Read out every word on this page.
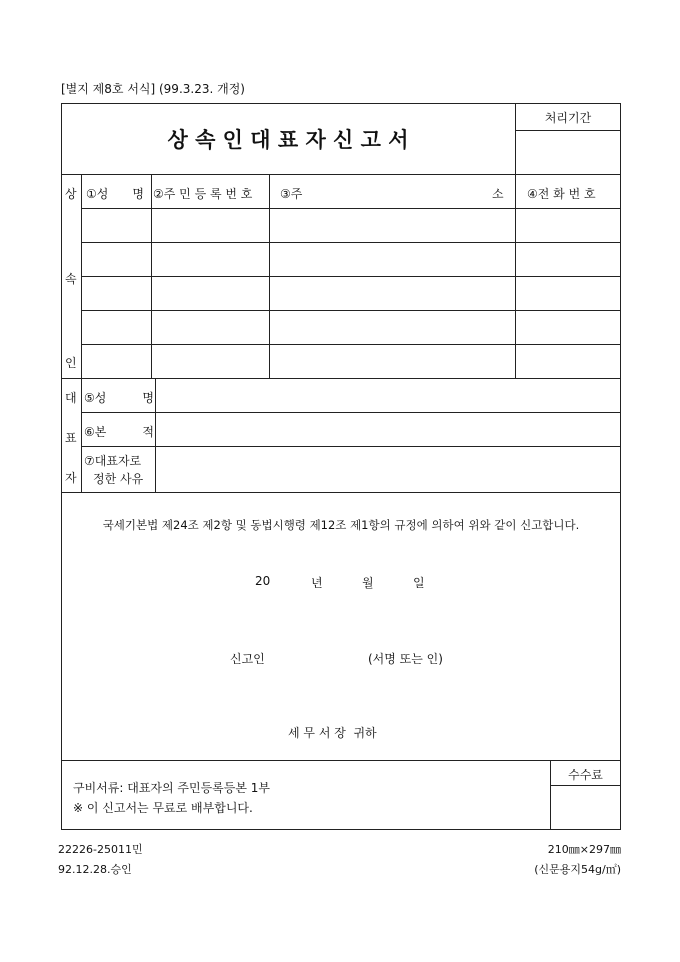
[별지 제8호 서식] (99.3.23. 개정)
상 속 인 대 표 자 신 고 서
처리기간
상
속
인
①성　　명 ②주 민 등 록 번 호 ③주	소 ④전 화 번 호
대
표
자
⑤성　　　명
⑥본　　　적
⑦대표자로
정한 사유
국세기본법 제24조 제2항 및 동법시행령 제12조 제1항의 규정에 의하여 위와 같이 신고합니다.
20	년	월	일
신고인	(서명 또는 인)
세 무 서 장  귀하
수수료
구비서류: 대표자의 주민등록등본 1부
※ 이 신고서는 무료로 배부합니다.
22226-25011민
92.12.28.승인
210㎜×297㎜
(신문용지54g/㎡)
